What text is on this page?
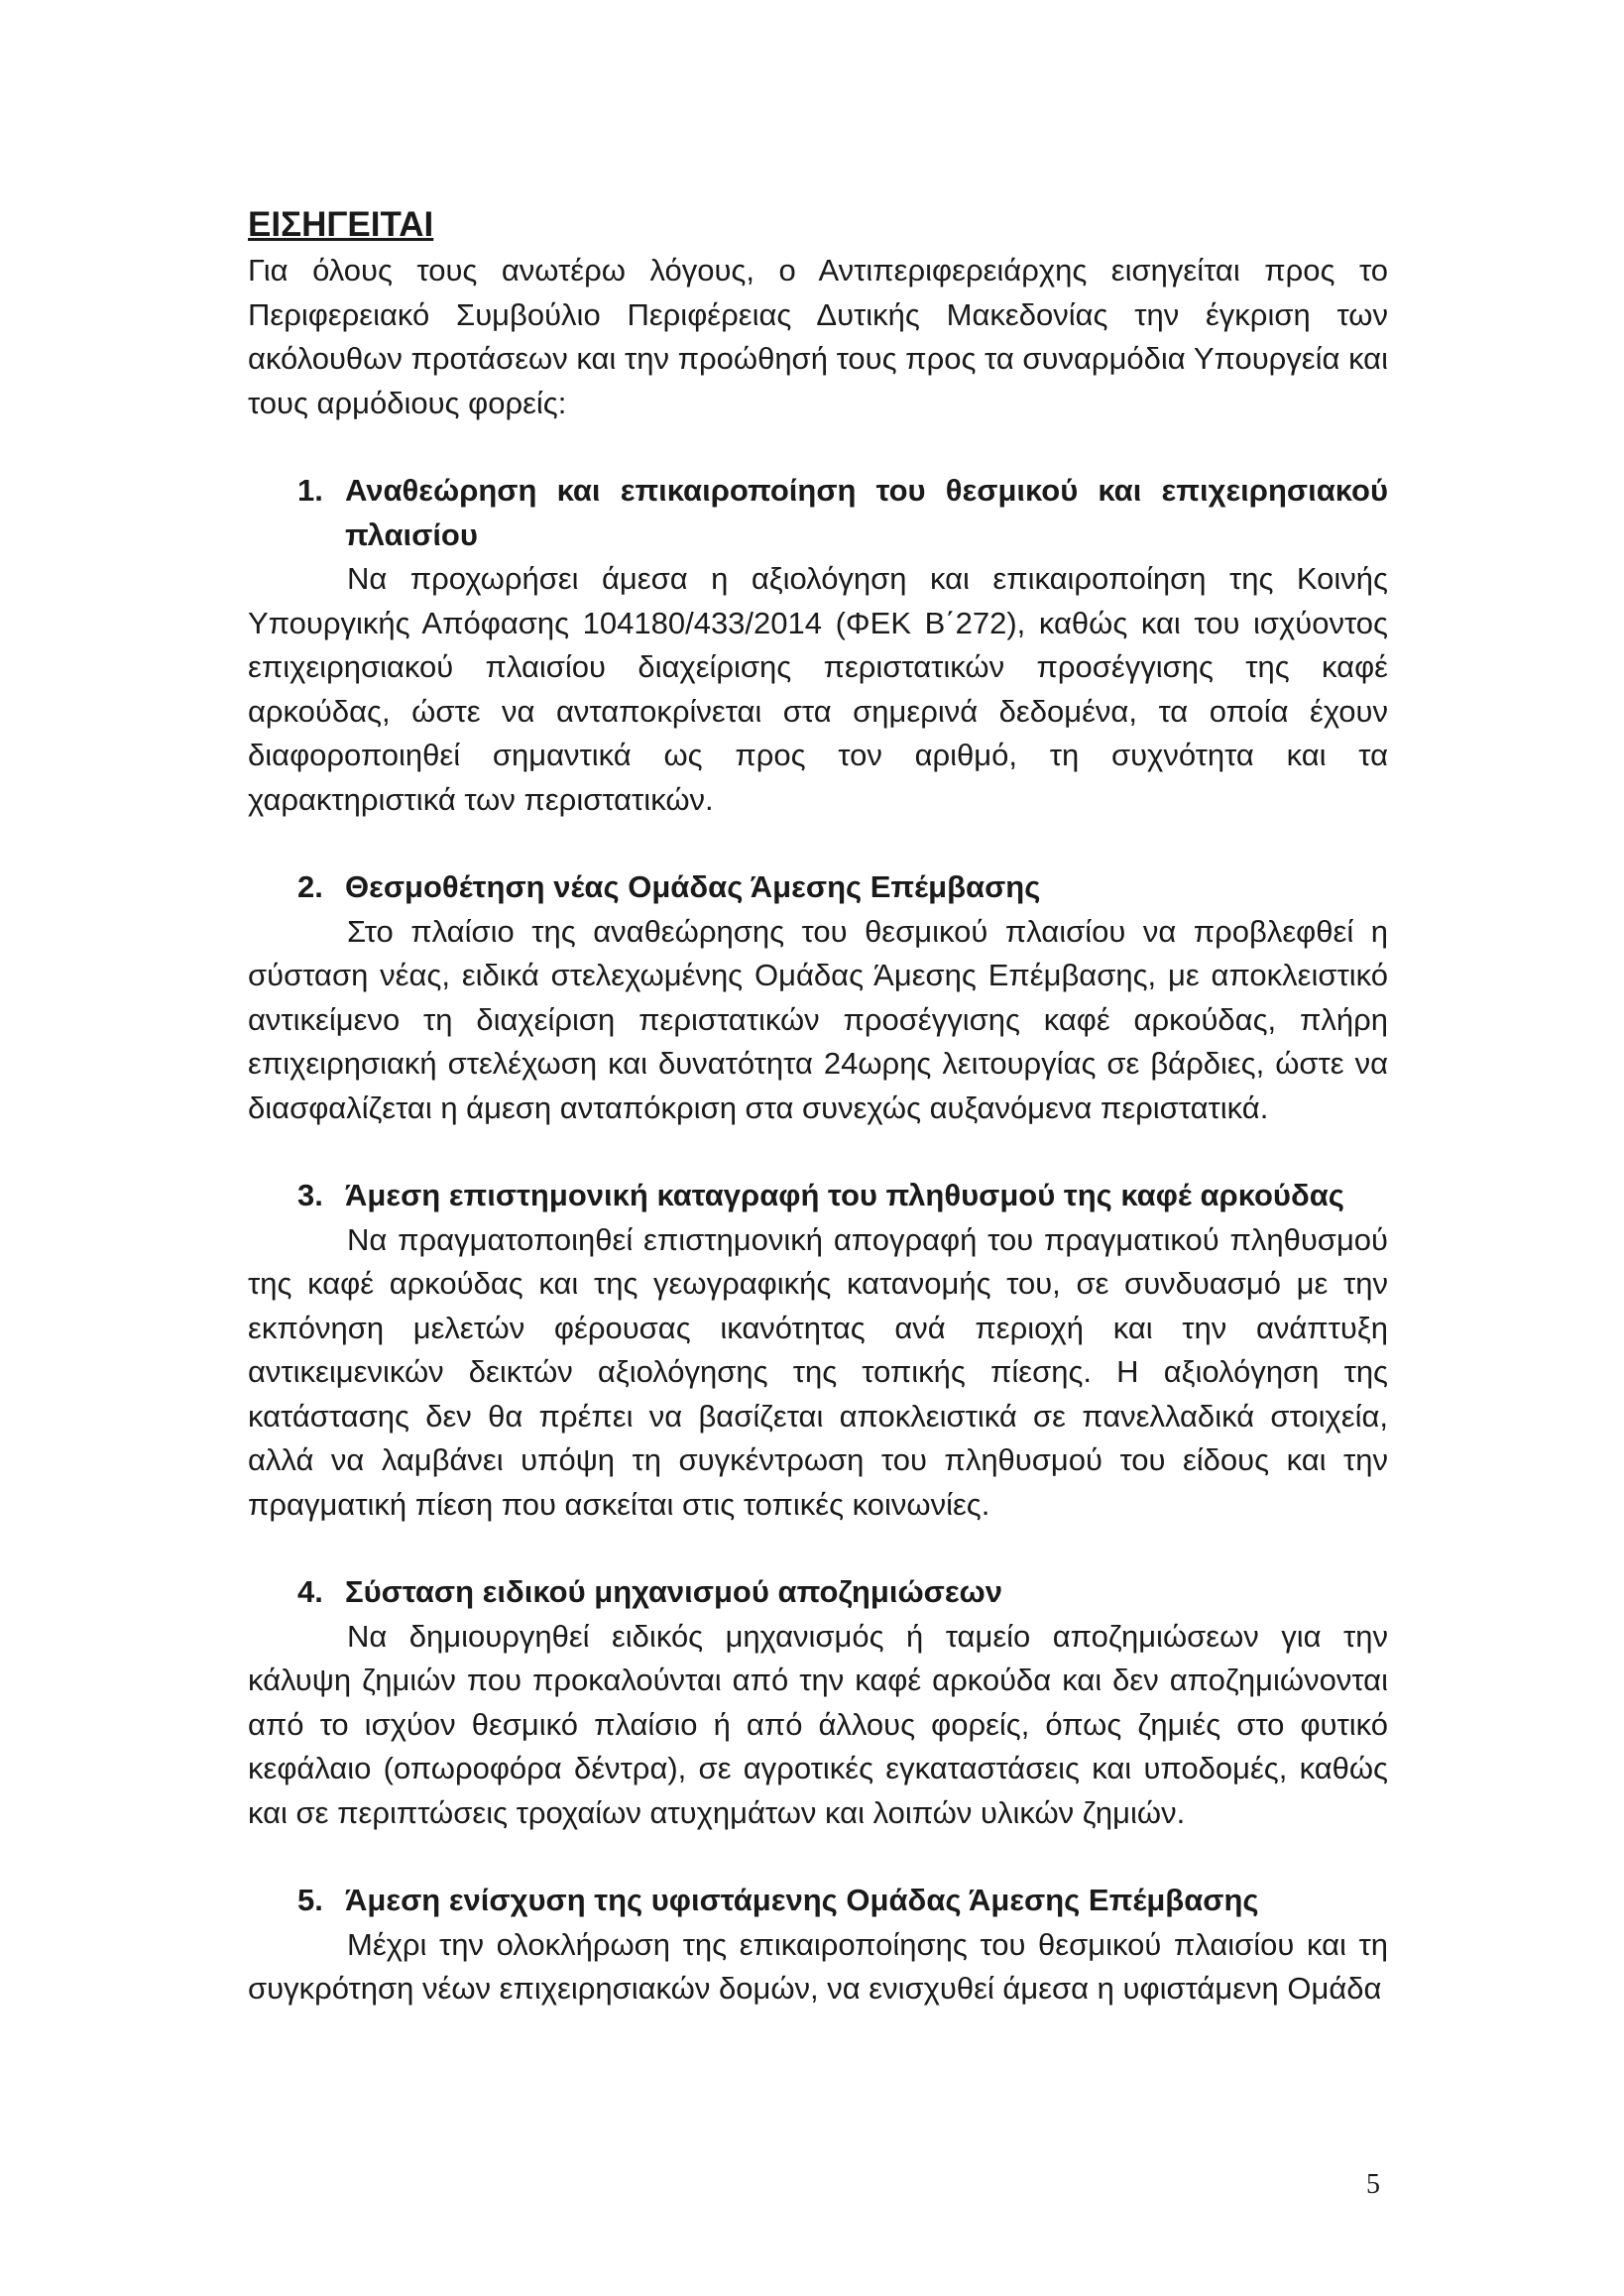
ΕΙΣΗΓΕΙΤΑΙ

Για όλους τους ανωτέρω λόγους, ο Αντιπεριφερειάρχης εισηγείται προς το Περιφερειακό Συμβούλιο Περιφέρειας Δυτικής Μακεδονίας την έγκριση των ακόλουθων προτάσεων και την προώθησή τους προς τα συναρμόδια Υπουργεία και τους αρμόδιους φορείς:

1. Αναθεώρηση και επικαιροποίηση του θεσμικού και επιχειρησιακού πλαισίου

Να προχωρήσει άμεσα η αξιολόγηση και επικαιροποίηση της Κοινής Υπουργικής Απόφασης 104180/433/2014 (ΦΕΚ Β΄272), καθώς και του ισχύοντος επιχειρησιακού πλαισίου διαχείρισης περιστατικών προσέγγισης της καφέ αρκούδας, ώστε να ανταποκρίνεται στα σημερινά δεδομένα, τα οποία έχουν διαφοροποιηθεί σημαντικά ως προς τον αριθμό, τη συχνότητα και τα χαρακτηριστικά των περιστατικών.

2. Θεσμοθέτηση νέας Ομάδας Άμεσης Επέμβασης

Στο πλαίσιο της αναθεώρησης του θεσμικού πλαισίου να προβλεφθεί η σύσταση νέας, ειδικά στελεχωμένης Ομάδας Άμεσης Επέμβασης, με αποκλειστικό αντικείμενο τη διαχείριση περιστατικών προσέγγισης καφέ αρκούδας, πλήρη επιχειρησιακή στελέχωση και δυνατότητα 24ωρης λειτουργίας σε βάρδιες, ώστε να διασφαλίζεται η άμεση ανταπόκριση στα συνεχώς αυξανόμενα περιστατικά.

3. Άμεση επιστημονική καταγραφή του πληθυσμού της καφέ αρκούδας

Να πραγματοποιηθεί επιστημονική απογραφή του πραγματικού πληθυσμού της καφέ αρκούδας και της γεωγραφικής κατανομής του, σε συνδυασμό με την εκπόνηση μελετών φέρουσας ικανότητας ανά περιοχή και την ανάπτυξη αντικειμενικών δεικτών αξιολόγησης της τοπικής πίεσης. Η αξιολόγηση της κατάστασης δεν θα πρέπει να βασίζεται αποκλειστικά σε πανελλαδικά στοιχεία, αλλά να λαμβάνει υπόψη τη συγκέντρωση του πληθυσμού του είδους και την πραγματική πίεση που ασκείται στις τοπικές κοινωνίες.

4. Σύσταση ειδικού μηχανισμού αποζημιώσεων

Να δημιουργηθεί ειδικός μηχανισμός ή ταμείο αποζημιώσεων για την κάλυψη ζημιών που προκαλούνται από την καφέ αρκούδα και δεν αποζημιώνονται από το ισχύον θεσμικό πλαίσιο ή από άλλους φορείς, όπως ζημιές στο φυτικό κεφάλαιο (οπωροφόρα δέντρα), σε αγροτικές εγκαταστάσεις και υποδομές, καθώς και σε περιπτώσεις τροχαίων ατυχημάτων και λοιπών υλικών ζημιών.

5. Άμεση ενίσχυση της υφιστάμενης Ομάδας Άμεσης Επέμβασης

Μέχρι την ολοκλήρωση της επικαιροποίησης του θεσμικού πλαισίου και τη συγκρότηση νέων επιχειρησιακών δομών, να ενισχυθεί άμεσα η υφιστάμενη Ομάδα

5
